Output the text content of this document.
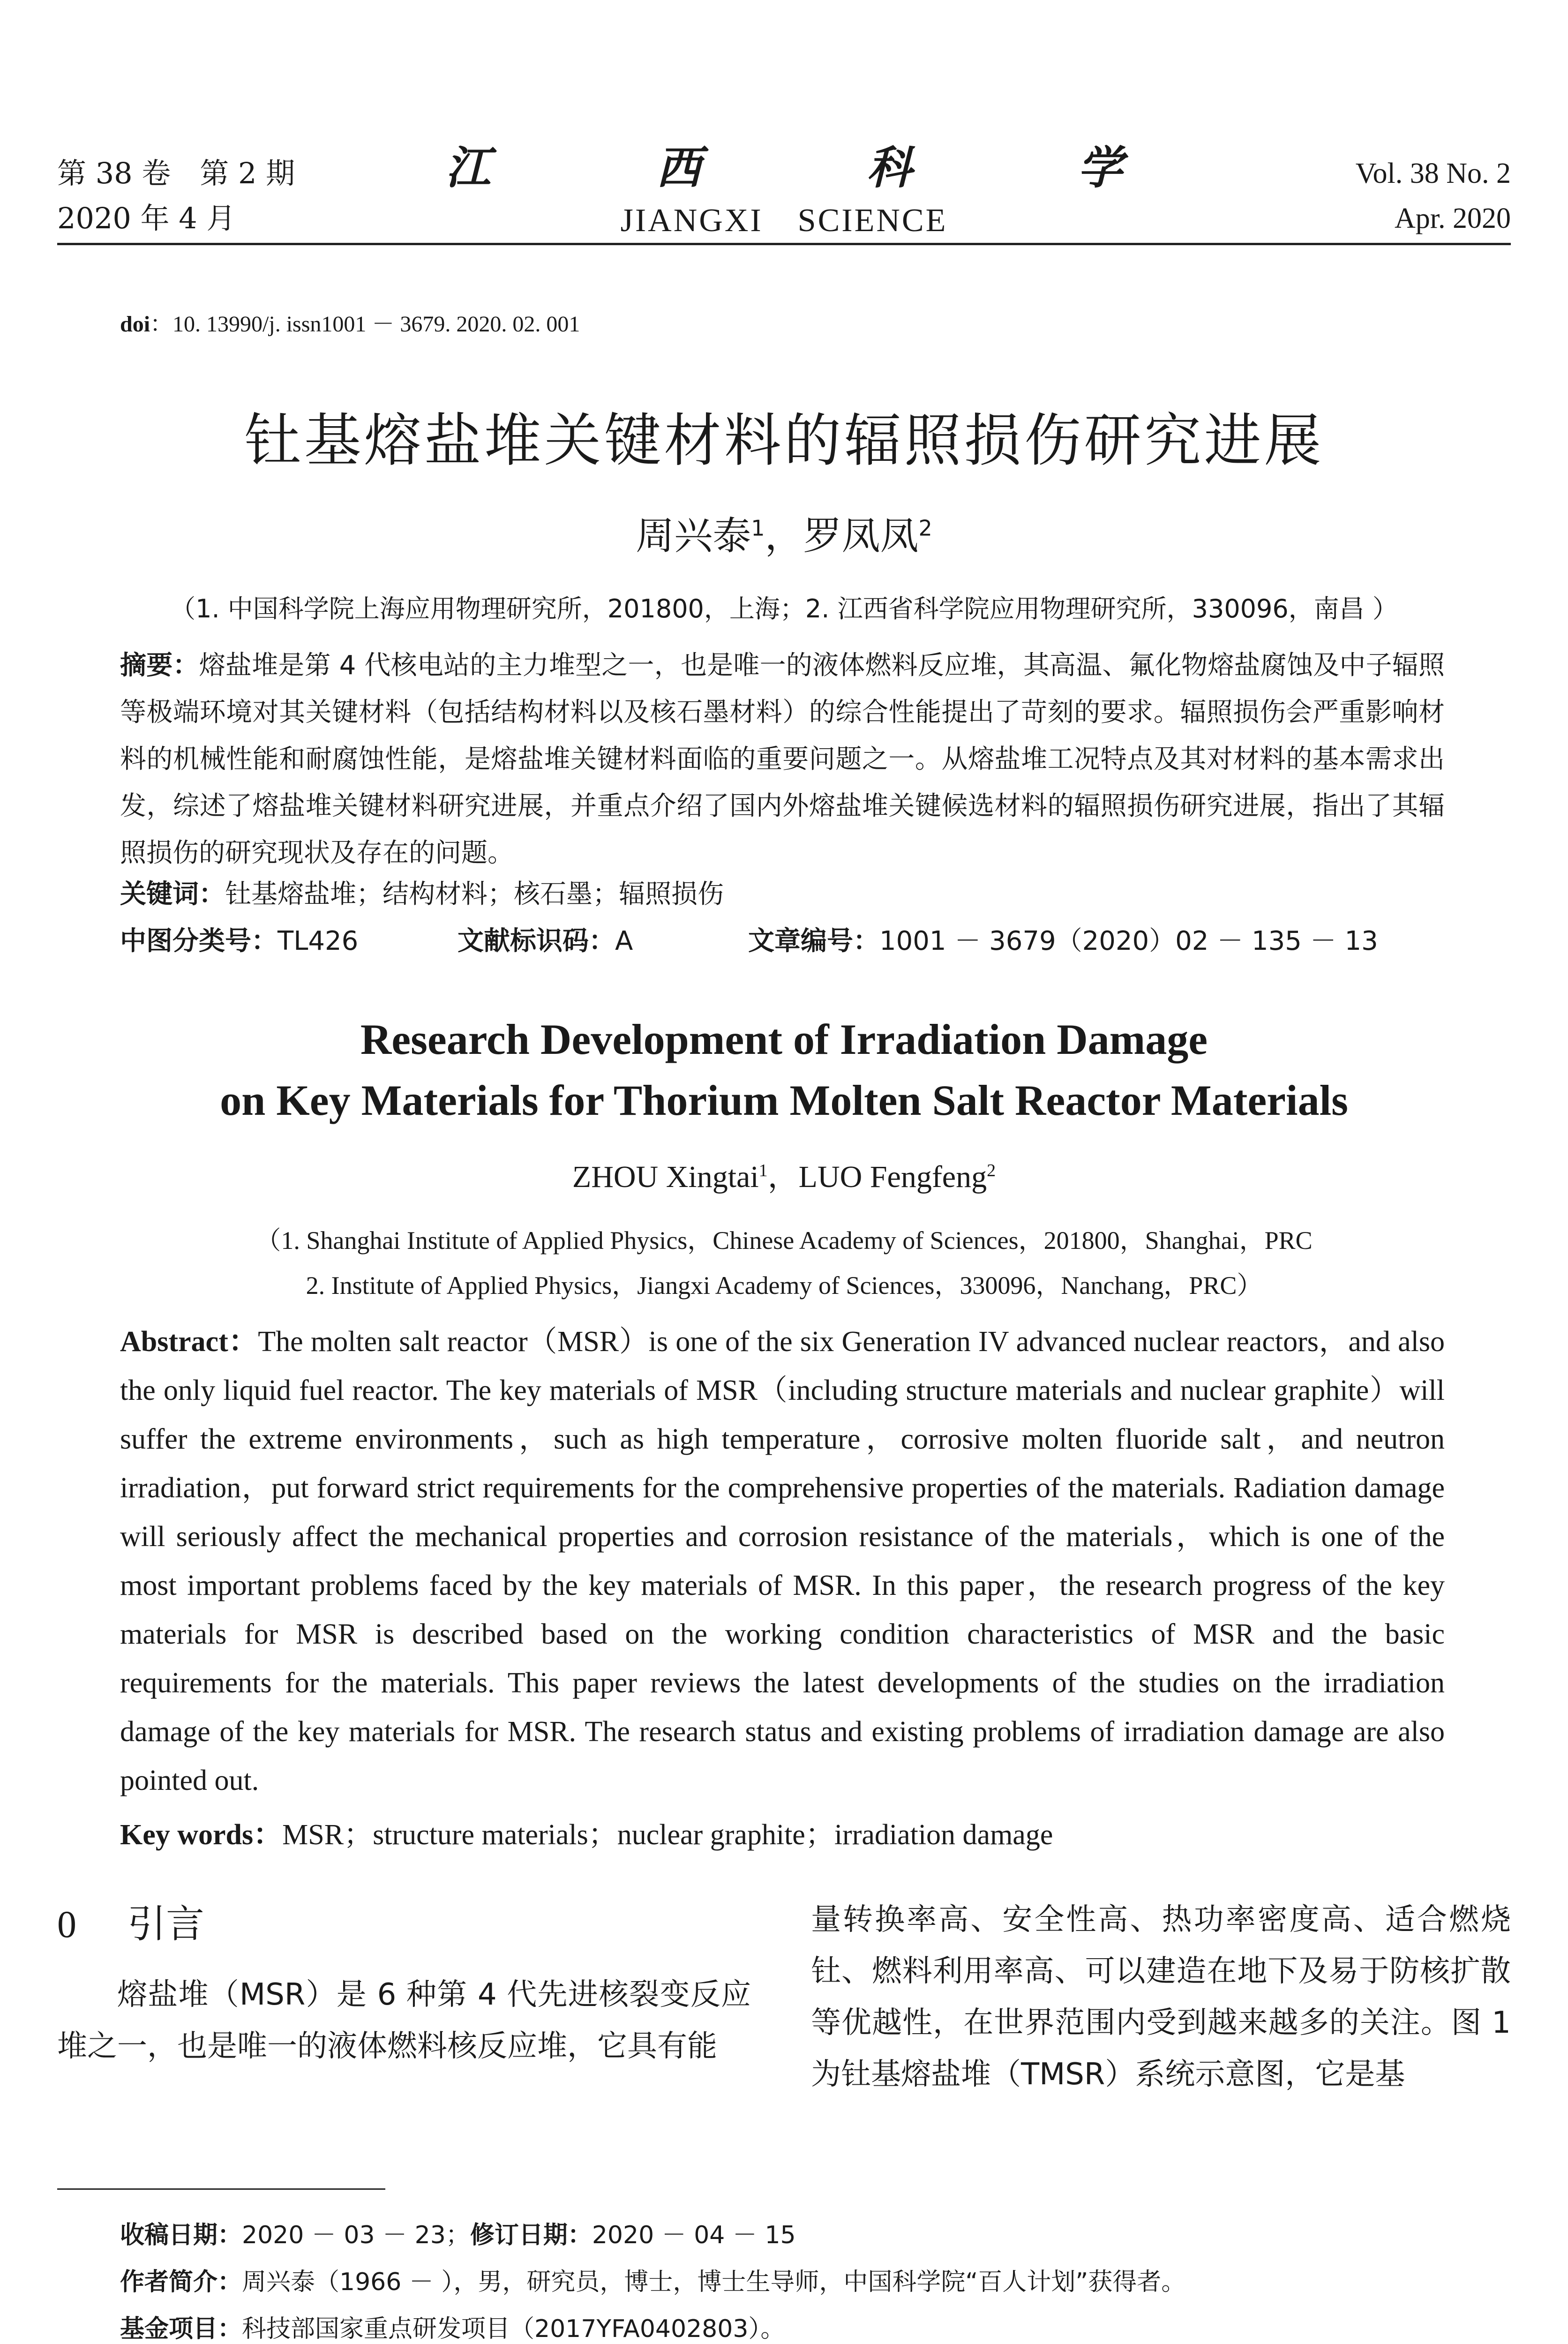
第 38 卷　第 2 期
2020 年 4 月
江 西 科 学
JIANGXI　SCIENCE
Vol. 38 No. 2
Apr. 2020
doi：10. 13990/j. issn1001 － 3679. 2020. 02. 001
钍基熔盐堆关键材料的辐照损伤研究进展
周兴泰$^1$，罗凤凤$^2$
（1. 中国科学院上海应用物理研究所，201800，上海；2. 江西省科学院应用物理研究所，330096，南昌 ）
摘要：熔盐堆是第 4 代核电站的主力堆型之一，也是唯一的液体燃料反应堆，其高温、氟化物熔盐腐蚀及中子辐照等极端环境对其关键材料（包括结构材料以及核石墨材料）的综合性能提出了苛刻的要求。辐照损伤会严重影响材料的机械性能和耐腐蚀性能，是熔盐堆关键材料面临的重要问题之一。从熔盐堆工况特点及其对材料的基本需求出发，综述了熔盐堆关键材料研究进展，并重点介绍了国内外熔盐堆关键候选材料的辐照损伤研究进展，指出了其辐照损伤的研究现状及存在的问题。
关键词：钍基熔盐堆；结构材料；核石墨；辐照损伤
中图分类号：TL426	文献标识码：A	文章编号：1001 － 3679（2020）02 － 135 － 13
Research Development of Irradiation Damage
on Key Materials for Thorium Molten Salt Reactor Materials
ZHOU Xingtai$^1$，LUO Fengfeng$^2$
（1. Shanghai Institute of Applied Physics，Chinese Academy of Sciences，201800，Shanghai，PRC
2. Institute of Applied Physics，Jiangxi Academy of Sciences，330096，Nanchang，PRC）
Abstract：The molten salt reactor（MSR）is one of the six Generation IV advanced nuclear reactors，and also the only liquid fuel reactor. The key materials of MSR（including structure materials and nuclear graphite）will suffer the extreme environments，such as high temperature，corrosive molten fluoride salt，and neutron irradiation，put forward strict requirements for the comprehensive properties of the materials. Radiation damage will seriously affect the mechanical properties and corrosion resistance of the materials，which is one of the most important problems faced by the key materials of MSR. In this paper，the research progress of the key materials for MSR is described based on the working condition characteristics of MSR and the basic requirements for the materials. This paper reviews the latest developments of the studies on the irradiation damage of the key materials for MSR. The research status and existing problems of irradiation damage are also pointed out.
Key words：MSR；structure materials；nuclear graphite；irradiation damage
0 引言

熔盐堆（MSR）是 6 种第 4 代先进核裂变反应堆之一，也是唯一的液体燃料核反应堆，它具有能

量转换率高、安全性高、热功率密度高、适合燃烧钍、燃料利用率高、可以建造在地下及易于防核扩散等优越性，在世界范围内受到越来越多的关注。图 1 为钍基熔盐堆（TMSR）系统示意图，它是基
收稿日期：2020 － 03 － 23；修订日期：2020 － 04 － 15
作者简介：周兴泰（1966 － ），男，研究员，博士，博士生导师，中国科学院“百人计划”获得者。
基金项目：科技部国家重点研发项目（2017YFA0402803）。
